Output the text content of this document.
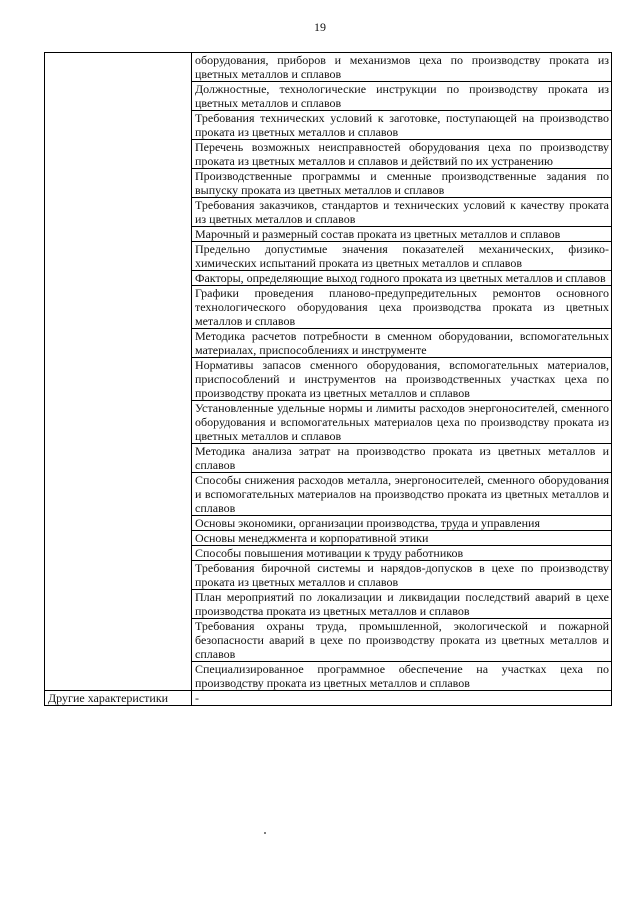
19
	оборудования, приборов и механизмов цеха по производству проката из цветных металлов и сплавов
	Должностные, технологические инструкции по производству проката из цветных металлов и сплавов
	Требования технических условий к заготовке, поступающей на производство проката из цветных металлов и сплавов
	Перечень возможных неисправностей оборудования цеха по производству проката из цветных металлов и сплавов и действий по их устранению
	Производственные программы и сменные производственные задания по выпуску проката из цветных металлов и сплавов
	Требования заказчиков, стандартов и технических условий к качеству проката из цветных металлов и сплавов
	Марочный и размерный состав проката из цветных металлов и сплавов
	Предельно допустимые значения показателей механических, физико-химических испытаний проката из цветных металлов и сплавов
	Факторы, определяющие выход годного проката из цветных металлов и сплавов
	Графики проведения планово-предупредительных ремонтов основного технологического оборудования цеха производства проката из цветных металлов и сплавов
	Методика расчетов потребности в сменном оборудовании, вспомогательных материалах, приспособлениях и инструменте
	Нормативы запасов сменного оборудования, вспомогательных материалов, приспособлений и инструментов на производственных участках цеха по производству проката из цветных металлов и сплавов
	Установленные удельные нормы и лимиты расходов энергоносителей, сменного оборудования и вспомогательных материалов цеха по производству проката из цветных металлов и сплавов
	Методика анализа затрат на производство проката из цветных металлов и сплавов
	Способы снижения расходов металла, энергоносителей, сменного оборудования и вспомогательных материалов на производство проката из цветных металлов и сплавов
	Основы экономики, организации производства, труда и управления
	Основы менеджмента и корпоративной этики
	Способы повышения мотивации к труду работников
	Требования бирочной системы и нарядов-допусков в цехе по производству проката из цветных металлов и сплавов
	План мероприятий по локализации и ликвидации последствий аварий в цехе производства проката из цветных металлов и сплавов
	Требования охраны труда, промышленной, экологической и пожарной безопасности аварий в цехе по производству проката из цветных металлов и сплавов
	Специализированное программное обеспечение на участках цеха по производству проката из цветных металлов и сплавов
Другие характеристики	-
